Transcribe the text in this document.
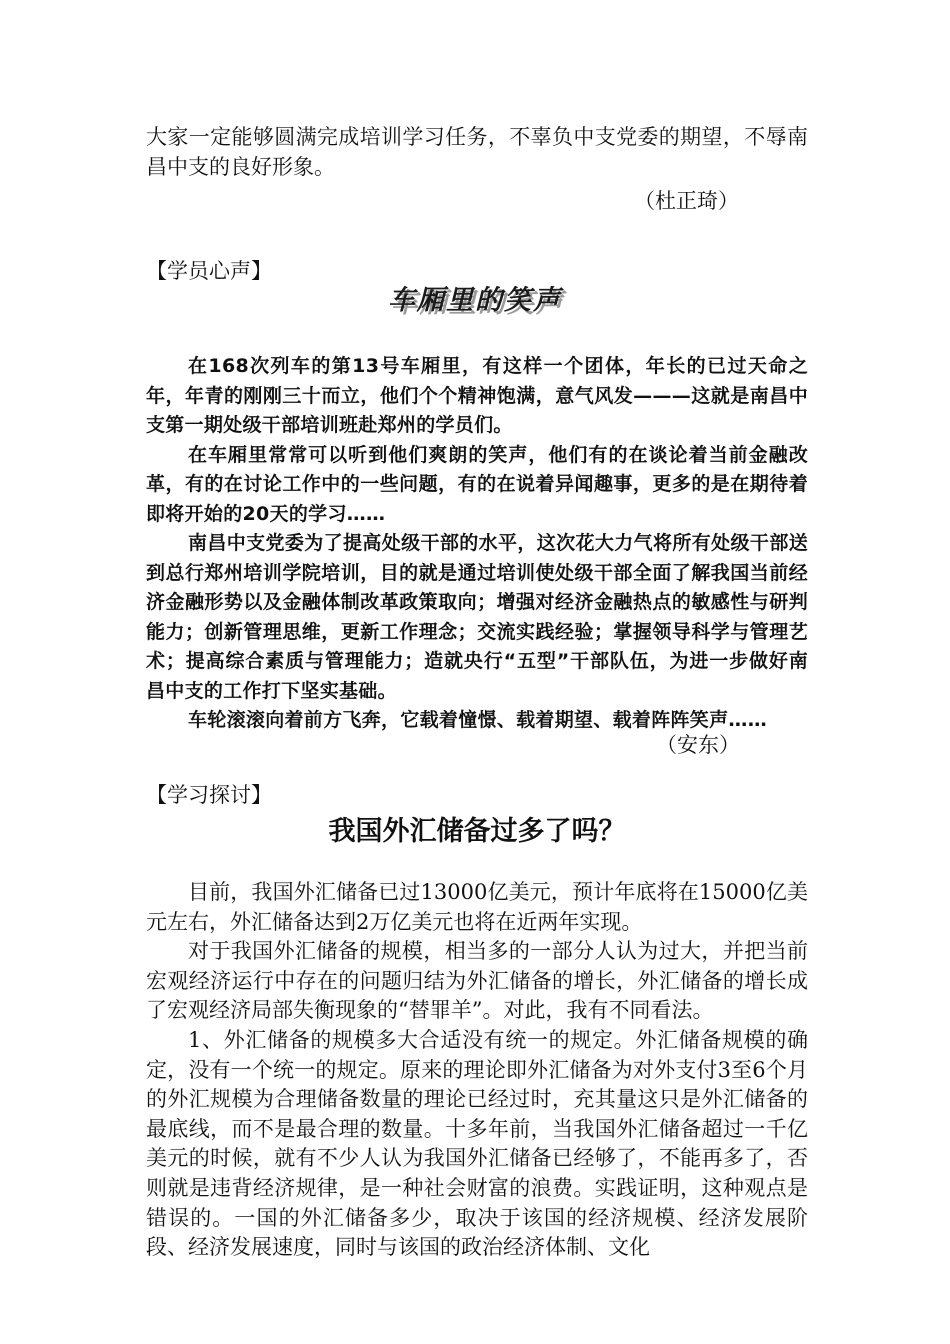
大家一定能够圆满完成培训学习任务，不辜负中支党委的期望，不辱南昌中支的良好形象。

（杜正琦）

【学员心声】

车厢里的笑声

在168次列车的第13号车厢里，有这样一个团体，年长的已过天命之年，年青的刚刚三十而立，他们个个精神饱满，意气风发———这就是南昌中支第一期处级干部培训班赴郑州的学员们。

在车厢里常常可以听到他们爽朗的笑声，他们有的在谈论着当前金融改革，有的在讨论工作中的一些问题，有的在说着异闻趣事，更多的是在期待着即将开始的20天的学习……

南昌中支党委为了提高处级干部的水平，这次花大力气将所有处级干部送到总行郑州培训学院培训，目的就是通过培训使处级干部全面了解我国当前经济金融形势以及金融体制改革政策取向；增强对经济金融热点的敏感性与研判能力；创新管理思维，更新工作理念；交流实践经验；掌握领导科学与管理艺术；提高综合素质与管理能力；造就央行“五型”干部队伍，为进一步做好南昌中支的工作打下坚实基础。

车轮滚滚向着前方飞奔，它载着憧憬、载着期望、载着阵阵笑声……

（安东）

【学习探讨】

我国外汇储备过多了吗？

目前，我国外汇储备已过13000亿美元，预计年底将在15000亿美元左右，外汇储备达到2万亿美元也将在近两年实现。

对于我国外汇储备的规模，相当多的一部分人认为过大，并把当前宏观经济运行中存在的问题归结为外汇储备的增长，外汇储备的增长成了宏观经济局部失衡现象的“替罪羊”。对此，我有不同看法。

1、外汇储备的规模多大合适没有统一的规定。外汇储备规模的确定，没有一个统一的规定。原来的理论即外汇储备为对外支付3至6个月的外汇规模为合理储备数量的理论已经过时，充其量这只是外汇储备的最底线，而不是最合理的数量。十多年前，当我国外汇储备超过一千亿美元的时候，就有不少人认为我国外汇储备已经够了，不能再多了，否则就是违背经济规律，是一种社会财富的浪费。实践证明，这种观点是错误的。一国的外汇储备多少，取决于该国的经济规模、经济发展阶段、经济发展速度，同时与该国的政治经济体制、文化
